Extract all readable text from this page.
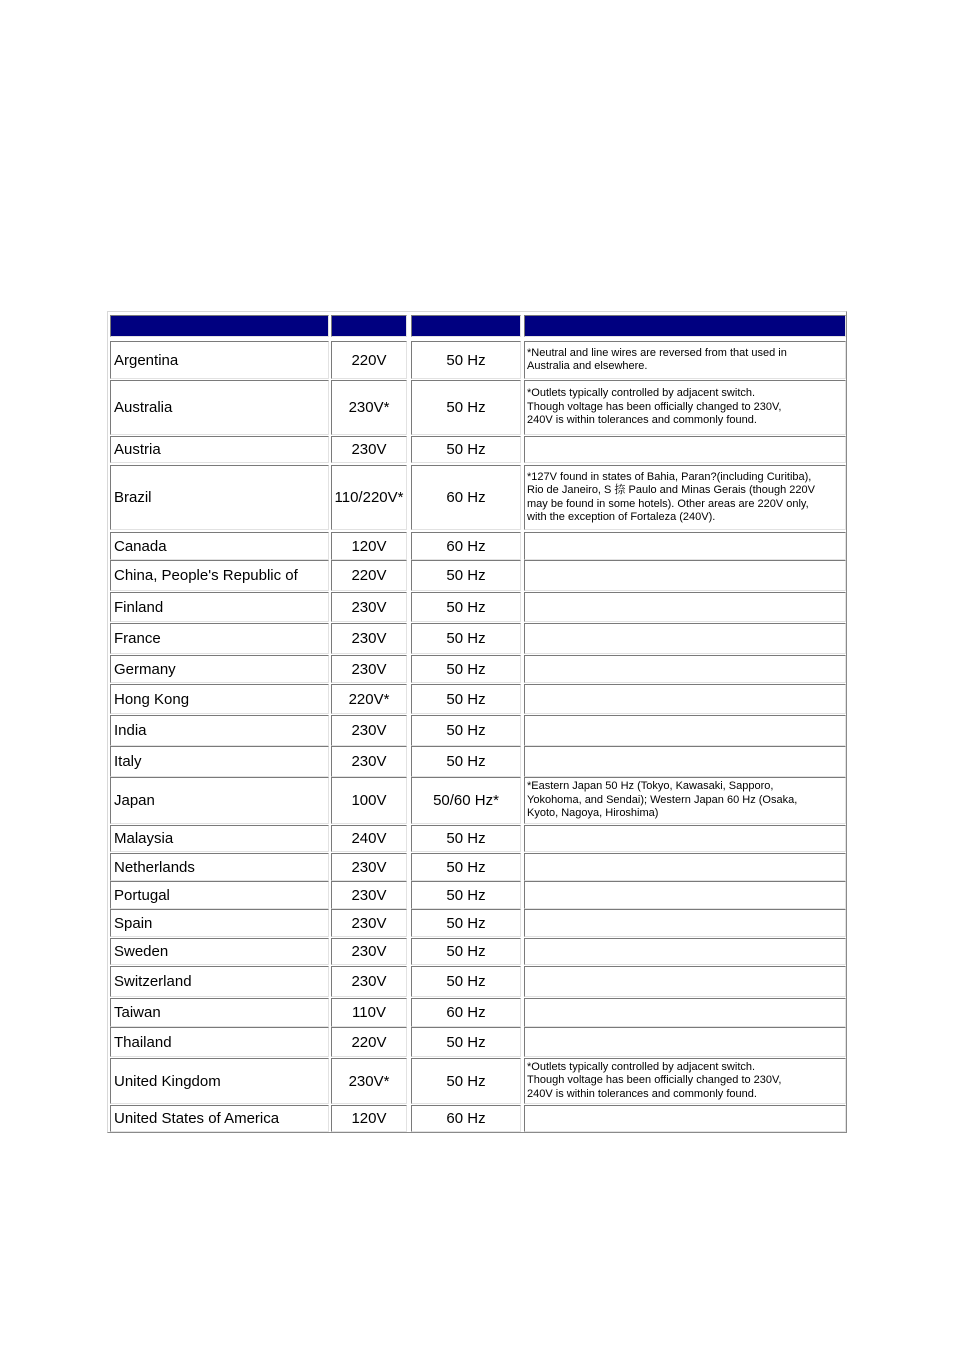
Argentina	220V	50 Hz	*Neutral and line wires are reversed from that used in
Australia and elsewhere.
Australia	230V*	50 Hz
*Outlets typically controlled by adjacent switch.
Though voltage has been officially changed to 230V,
240V is within tolerances and commonly found.
Austria	230V	50 Hz
Brazil	110/220V*	60 Hz
*127V found in states of Bahia, Paran?(including Curitiba),
Rio de Janeiro, S 捺 Paulo and Minas Gerais (though 220V
may be found in some hotels). Other areas are 220V only,
with the exception of Fortaleza (240V).
Canada	120V	60 Hz
China, People's Republic of	220V	50 Hz
Finland	230V	50 Hz
France	230V	50 Hz
Germany	230V	50 Hz
Hong Kong	220V*	50 Hz
India	230V	50 Hz
Italy	230V	50 Hz
Japan	100V	50/60 Hz*
*Eastern Japan 50 Hz (Tokyo, Kawasaki, Sapporo,
Yokohoma, and Sendai); Western Japan 60 Hz (Osaka,
Kyoto, Nagoya, Hiroshima)
Malaysia	240V	50 Hz
Netherlands	230V	50 Hz
Portugal	230V	50 Hz
Spain	230V	50 Hz
Sweden	230V	50 Hz
Switzerland	230V	50 Hz
Taiwan	110V	60 Hz
Thailand	220V	50 Hz
United Kingdom	230V*	50 Hz
*Outlets typically controlled by adjacent switch.
Though voltage has been officially changed to 230V,
240V is within tolerances and commonly found.
United States of America	120V	60 Hz
